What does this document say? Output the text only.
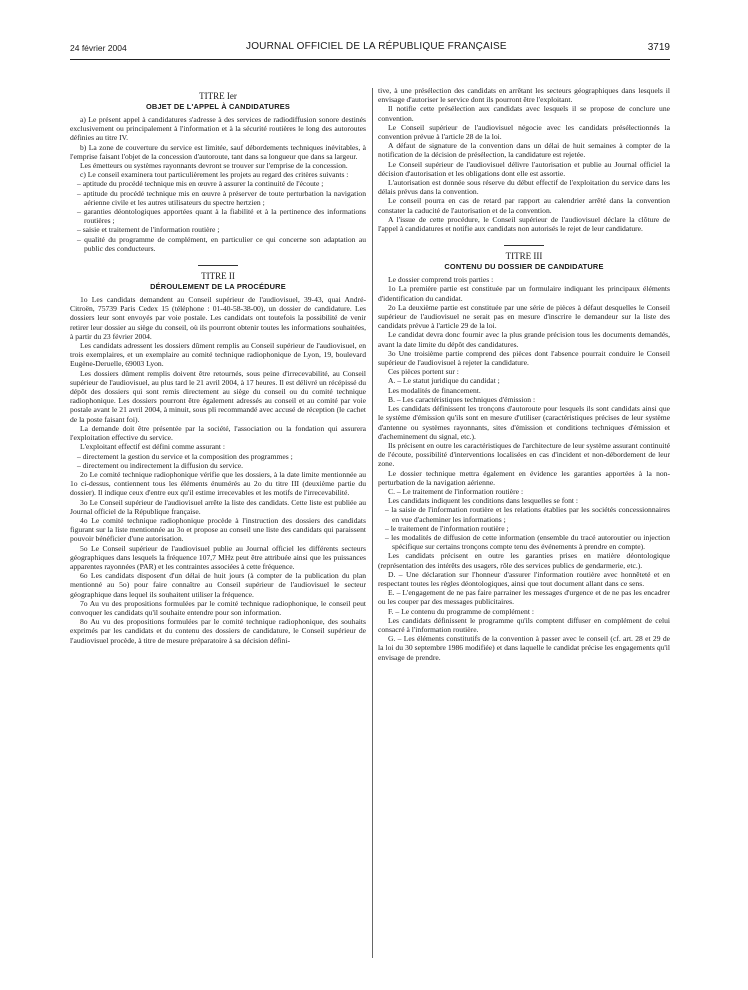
24 février 2004	JOURNAL OFFICIEL DE LA RÉPUBLIQUE FRANÇAISE	3719
TITRE Ier
OBJET DE L'APPEL À CANDIDATURES

a) Le présent appel à candidatures s'adresse à des services de radiodiffusion sonore destinés exclusivement ou principalement à l'information et à la sécurité routières le long des autoroutes définies au titre IV.

b) La zone de couverture du service est limitée, sauf débordements techniques inévitables, à l'emprise faisant l'objet de la concession d'autoroute, tant dans sa longueur que dans sa largeur.

Les émetteurs ou systèmes rayonnants devront se trouver sur l'emprise de la concession.

c) Le conseil examinera tout particulièrement les projets au regard des critères suivants :

– aptitude du procédé technique mis en œuvre à assurer la continuité de l'écoute ;

– aptitude du procédé technique mis en œuvre à préserver de toute perturbation la navigation aérienne civile et les autres utilisateurs du spectre hertzien ;

– garanties déontologiques apportées quant à la fiabilité et à la pertinence des informations routières ;

– saisie et traitement de l'information routière ;

– qualité du programme de complément, en particulier ce qui concerne son adaptation au public des conducteurs.

TITRE II
DÉROULEMENT DE LA PROCÉDURE

1o Les candidats demandent au Conseil supérieur de l'audiovisuel, 39-43, quai André-Citroën, 75739 Paris Cedex 15 (téléphone : 01-40-58-38-00), un dossier de candidature. Les dossiers leur sont envoyés par voie postale. Les candidats ont toutefois la possibilité de venir retirer leur dossier au siège du conseil, où ils pourront obtenir toutes les informations souhaitées, à partir du 23 février 2004.

Les candidats adressent les dossiers dûment remplis au Conseil supérieur de l'audiovisuel, en trois exemplaires, et un exemplaire au comité technique radiophonique de Lyon, 19, boulevard Eugène-Deruelle, 69003 Lyon.

Les dossiers dûment remplis doivent être retournés, sous peine d'irrecevabilité, au Conseil supérieur de l'audiovisuel, au plus tard le 21 avril 2004, à 17 heures. Il est délivré un récépissé du dépôt des dossiers qui sont remis directement au siège du conseil ou du comité technique radiophonique. Les dossiers pourront être également adressés au conseil et au comité par voie postale avant le 21 avril 2004, à minuit, sous pli recommandé avec accusé de réception (le cachet de la poste faisant foi).

La demande doit être présentée par la société, l'association ou la fondation qui assurera l'exploitation effective du service.

L'exploitant effectif est défini comme assurant :

– directement la gestion du service et la composition des programmes ;

– directement ou indirectement la diffusion du service.

2o Le comité technique radiophonique vérifie que les dossiers, à la date limite mentionnée au 1o ci-dessus, contiennent tous les éléments énumérés au 2o du titre III (deuxième partie du dossier). Il indique ceux d'entre eux qu'il estime irrecevables et les motifs de l'irrecevabilité.

3o Le Conseil supérieur de l'audiovisuel arrête la liste des candidats. Cette liste est publiée au Journal officiel de la République française.

4o Le comité technique radiophonique procède à l'instruction des dossiers des candidats figurant sur la liste mentionnée au 3o et propose au conseil une liste des candidats qui paraissent pouvoir bénéficier d'une autorisation.

5o Le Conseil supérieur de l'audiovisuel publie au Journal officiel les différents secteurs géographiques dans lesquels la fréquence 107,7 MHz peut être attribuée ainsi que les puissances apparentes rayonnées (PAR) et les contraintes associées à cette fréquence.

6o Les candidats disposent d'un délai de huit jours (à compter de la publication du plan mentionné au 5o) pour faire connaître au Conseil supérieur de l'audiovisuel le secteur géographique dans lequel ils souhaitent utiliser la fréquence.

7o Au vu des propositions formulées par le comité technique radiophonique, le conseil peut convoquer les candidats qu'il souhaite entendre pour son information.

8o Au vu des propositions formulées par le comité technique radiophonique, des souhaits exprimés par les candidats et du contenu des dossiers de candidature, le Conseil supérieur de l'audiovisuel procède, à titre de mesure préparatoire à sa décision défini-

tive, à une présélection des candidats en arrêtant les secteurs géographiques dans lesquels il envisage d'autoriser le service dont ils pourront être l'exploitant.

Il notifie cette présélection aux candidats avec lesquels il se propose de conclure une convention.

Le Conseil supérieur de l'audiovisuel négocie avec les candidats présélectionnés la convention prévue à l'article 28 de la loi.

A défaut de signature de la convention dans un délai de huit semaines à compter de la notification de la décision de présélection, la candidature est rejetée.

Le Conseil supérieur de l'audiovisuel délivre l'autorisation et publie au Journal officiel la décision d'autorisation et les obligations dont elle est assortie.

L'autorisation est donnée sous réserve du début effectif de l'exploitation du service dans les délais prévus dans la convention.

Le conseil pourra en cas de retard par rapport au calendrier arrêté dans la convention constater la caducité de l'autorisation et de la convention.

A l'issue de cette procédure, le Conseil supérieur de l'audiovisuel déclare la clôture de l'appel à candidatures et notifie aux candidats non autorisés le rejet de leur candidature.

TITRE III
CONTENU DU DOSSIER DE CANDIDATURE

Le dossier comprend trois parties :

1o La première partie est constituée par un formulaire indiquant les principaux éléments d'identification du candidat.

2o La deuxième partie est constituée par une série de pièces à défaut desquelles le Conseil supérieur de l'audiovisuel ne serait pas en mesure d'inscrire le demandeur sur la liste des candidats prévue à l'article 29 de la loi.

Le candidat devra donc fournir avec la plus grande précision tous les documents demandés, avant la date limite du dépôt des candidatures.

3o Une troisième partie comprend des pièces dont l'absence pourrait conduire le Conseil supérieur de l'audiovisuel à rejeter la candidature.

Ces pièces portent sur :

A. – Le statut juridique du candidat ;

Les modalités de financement.

B. – Les caractéristiques techniques d'émission :

Les candidats définissent les tronçons d'autoroute pour lesquels ils sont candidats ainsi que le système d'émission qu'ils sont en mesure d'utiliser (caractéristiques précises de leur système d'antenne ou systèmes rayonnants, sites d'émission et conditions techniques d'émission et d'acheminement du signal, etc.).

Ils précisent en outre les caractéristiques de l'architecture de leur système assurant continuité de l'écoute, possibilité d'interventions localisées en cas d'incident et non-débordement de leur zone.

Le dossier technique mettra également en évidence les garanties apportées à la non-perturbation de la navigation aérienne.

C. – Le traitement de l'information routière :

Les candidats indiquent les conditions dans lesquelles se font :

– la saisie de l'information routière et les relations établies par les sociétés concessionnaires en vue d'acheminer les informations ;

– le traitement de l'information routière ;

– les modalités de diffusion de cette information (ensemble du tracé autoroutier ou injection spécifique sur certains tronçons compte tenu des événements à prendre en compte).

Les candidats précisent en outre les garanties prises en matière déontologique (représentation des intérêts des usagers, rôle des services publics de gendarmerie, etc.).

D. – Une déclaration sur l'honneur d'assurer l'information routière avec honnêteté et en respectant toutes les règles déontologiques, ainsi que tout document allant dans ce sens.

E. – L'engagement de ne pas faire parrainer les messages d'urgence et de ne pas les encadrer ou les couper par des messages publicitaires.

F. – Le contenu du programme de complément :

Les candidats définissent le programme qu'ils comptent diffuser en complément de celui consacré à l'information routière.

G. – Les éléments constitutifs de la convention à passer avec le conseil (cf. art. 28 et 29 de la loi du 30 septembre 1986 modifiée) et dans laquelle le candidat précise les engagements qu'il envisage de prendre.
